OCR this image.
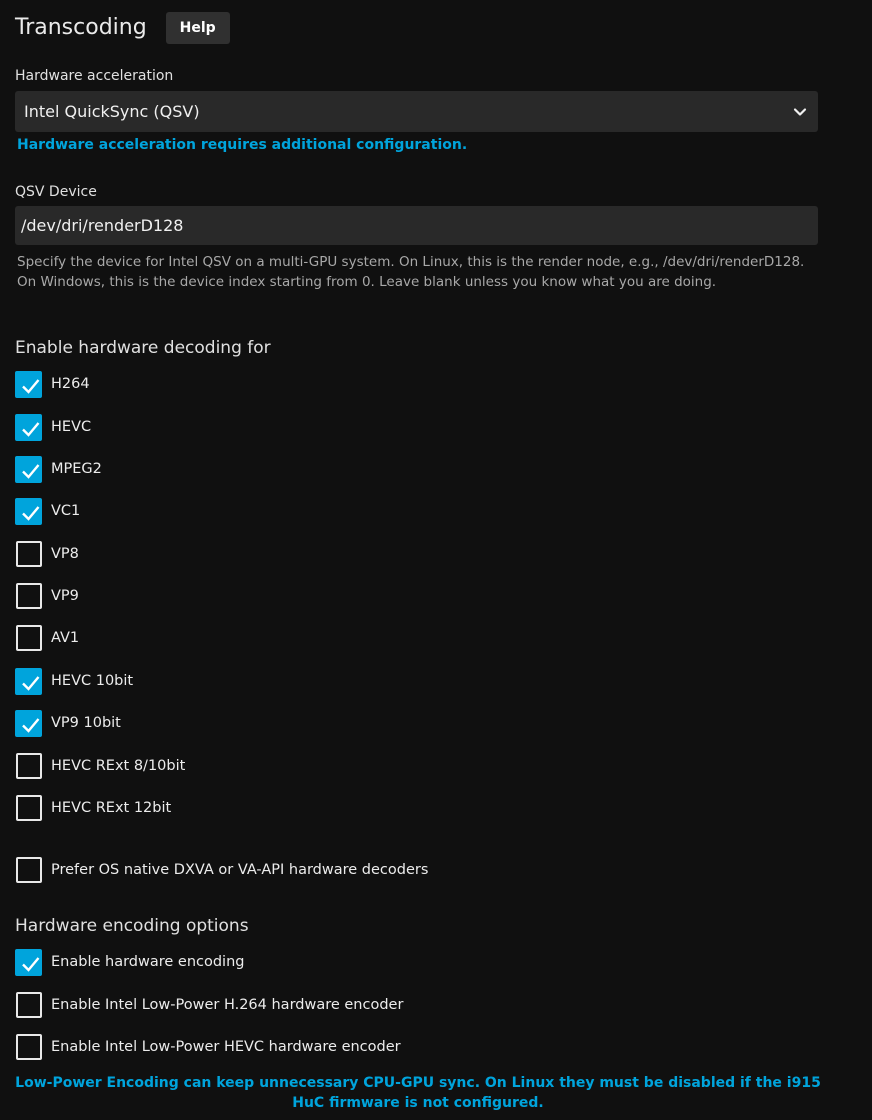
Transcoding	Help
Hardware acceleration
Intel QuickSync (QSV)
Hardware acceleration requires additional configuration.
QSV Device
/dev/dri/renderD128
Specify the device for Intel QSV on a multi-GPU system. On Linux, this is the render node, e.g., /dev/dri/renderD128. On Windows, this is the device index starting from 0. Leave blank unless you know what you are doing.
Enable hardware decoding for
H264
HEVC
MPEG2
VC1
VP8
VP9
AV1
HEVC 10bit
VP9 10bit
HEVC RExt 8/10bit
HEVC RExt 12bit
Prefer OS native DXVA or VA-API hardware decoders
Hardware encoding options
Enable hardware encoding
Enable Intel Low-Power H.264 hardware encoder
Enable Intel Low-Power HEVC hardware encoder
Low-Power Encoding can keep unnecessary CPU-GPU sync. On Linux they must be disabled if the i915 HuC firmware is not configured.
